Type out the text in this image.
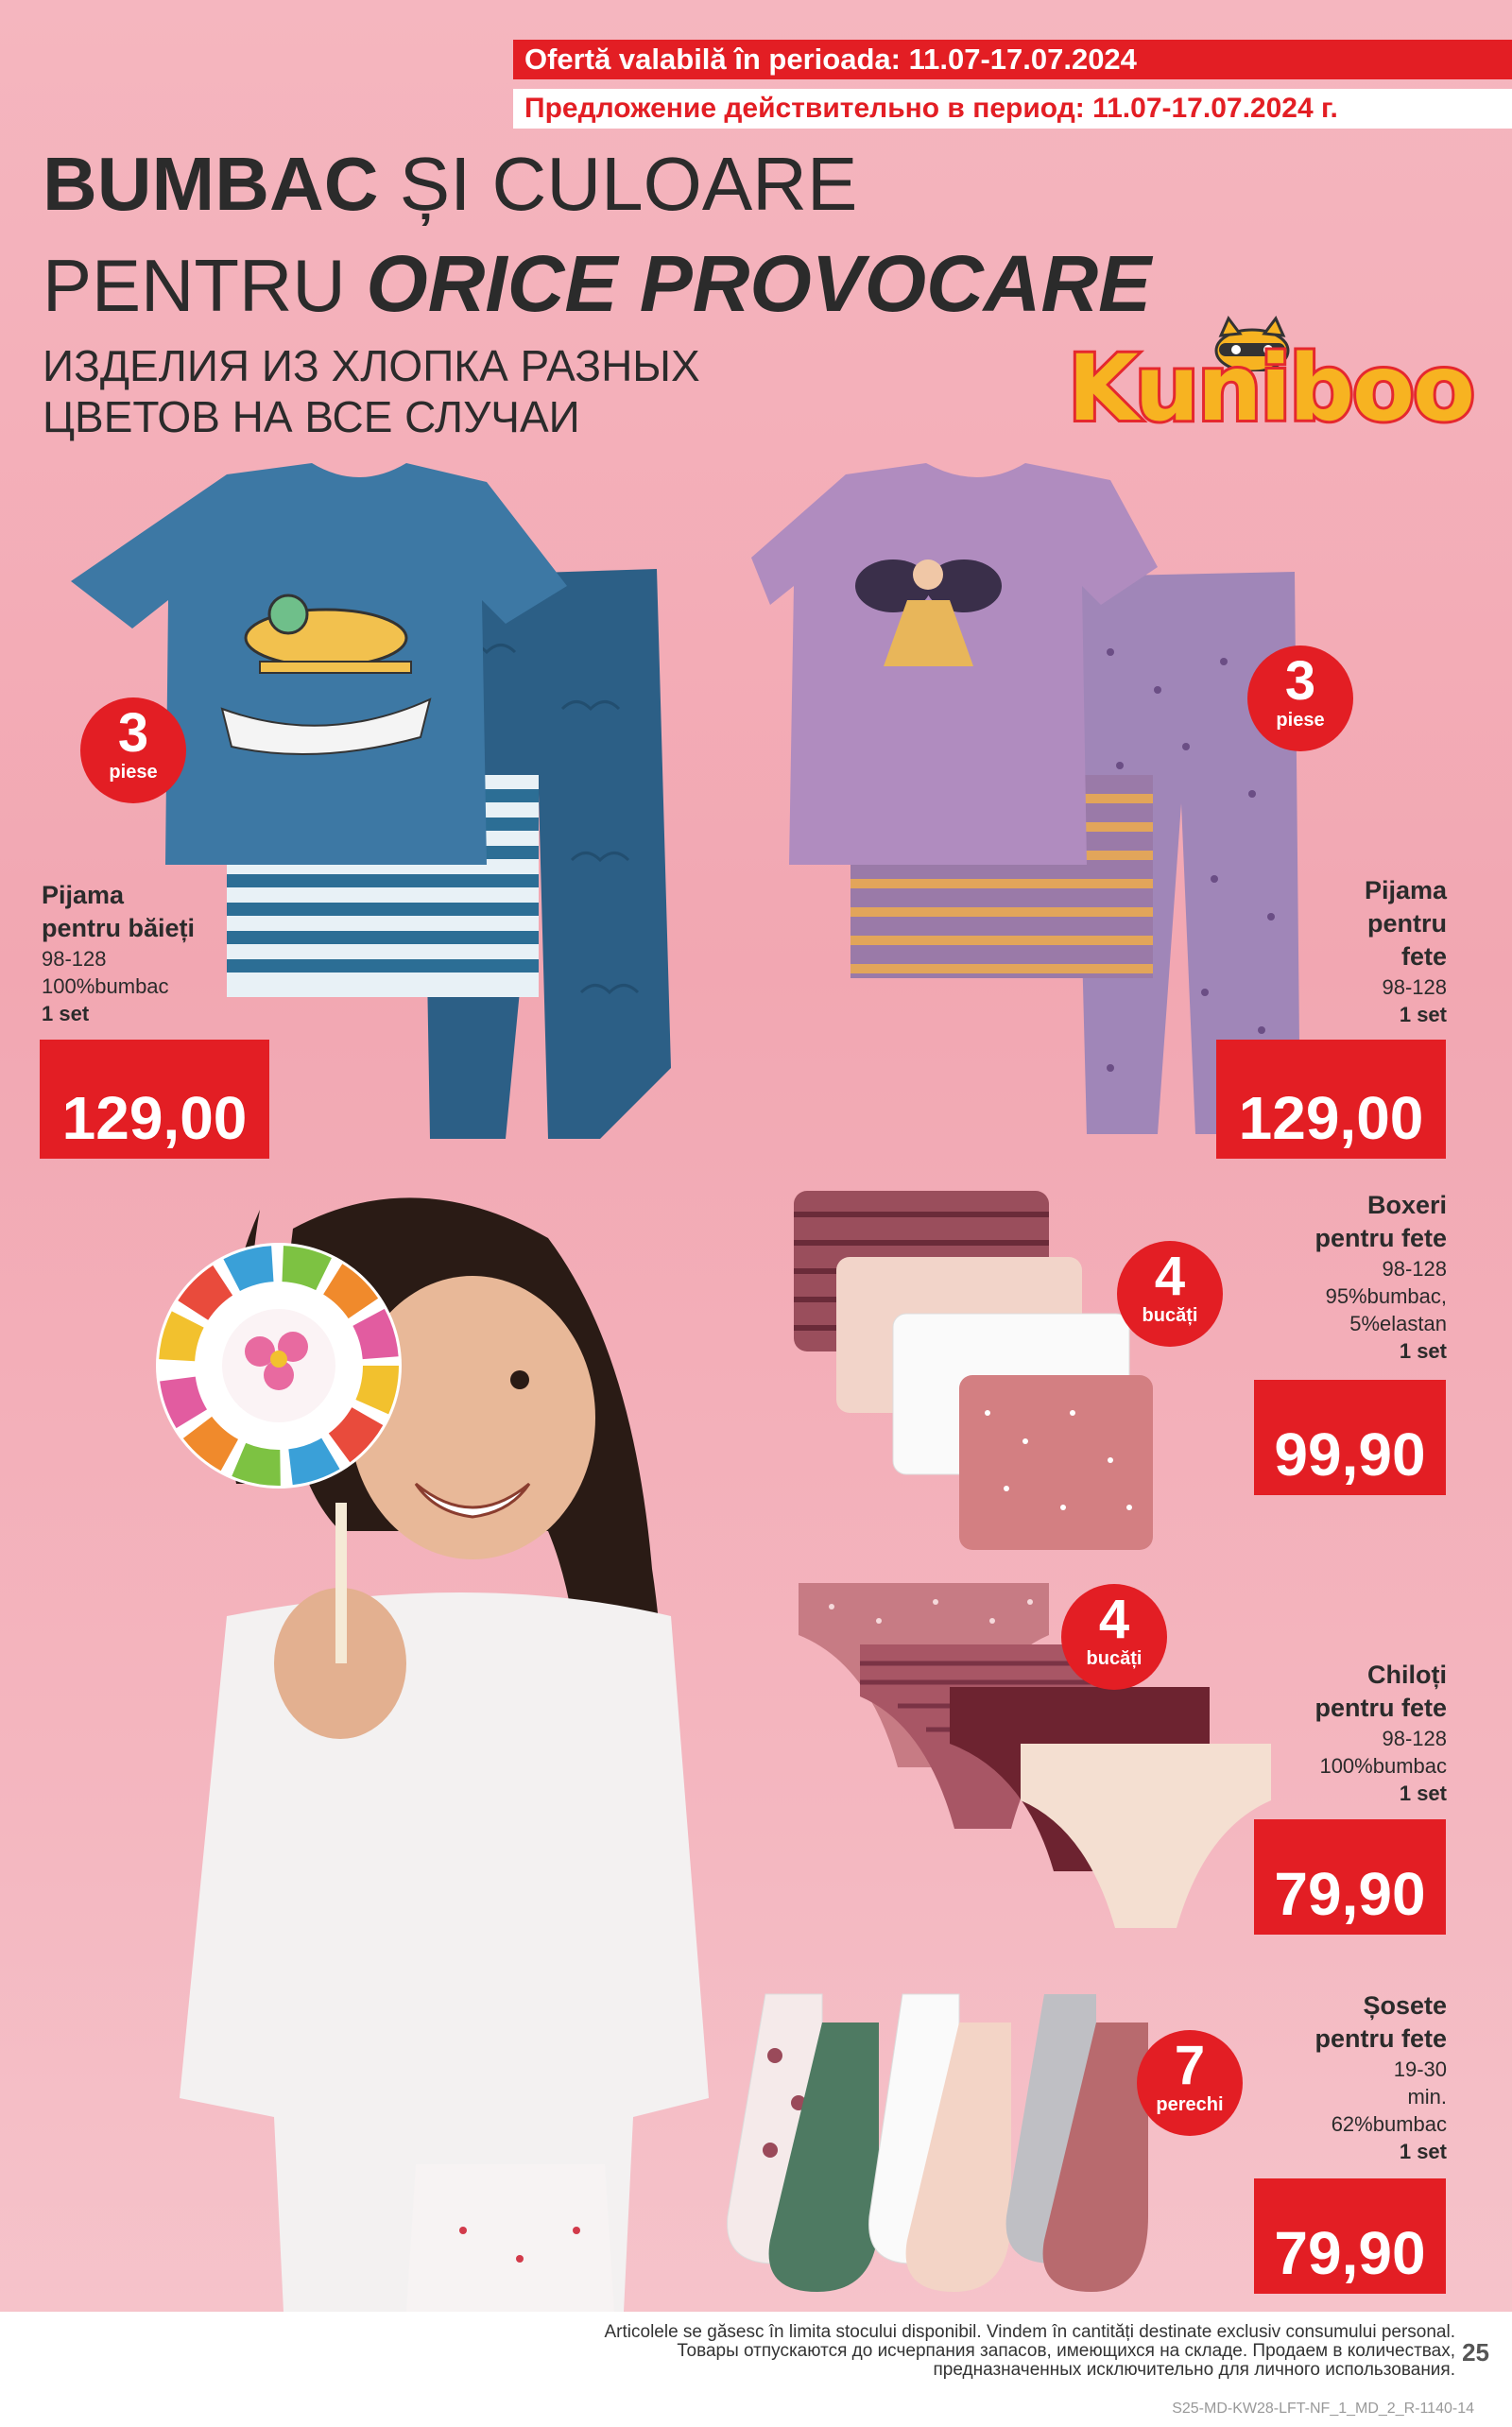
Ofertă valabilă în perioada: 11.07-17.07.2024
Предложение действительно в период: 11.07-17.07.2024 г.
BUMBAC ȘI CULOARE
PENTRU ORICE PROVOCARE
ИЗДЕЛИЯ ИЗ ХЛОПКА РАЗНЫХ
ЦВЕТОВ НА ВСЕ СЛУЧАИ	Kuniboo
3
piese
Pijama
pentru băieți
98-128
100%bumbac
1 set
129,00
3
piese
Pijama
pentru
fete
98-128
1 set
129,00
4
bucăți
Boxeri
pentru fete
98-128
95%bumbac,
5%elastan
1 set
99,90
4
bucăți
Chiloți
pentru fete
98-128
100%bumbac
1 set
79,90
7
perechi
Șosete
pentru fete
19-30
min.
62%bumbac
1 set
79,90
Articolele se găsesc în limita stocului disponibil. Vindem în cantități destinate exclusiv consumului personal.
Товары отпускаются до исчерпания запасов, имеющихся на складе. Продаем в количествах,
предназначенных исключительно для личного использования.
25
S25-MD-KW28-LFT-NF_1_MD_2_R-1140-14
